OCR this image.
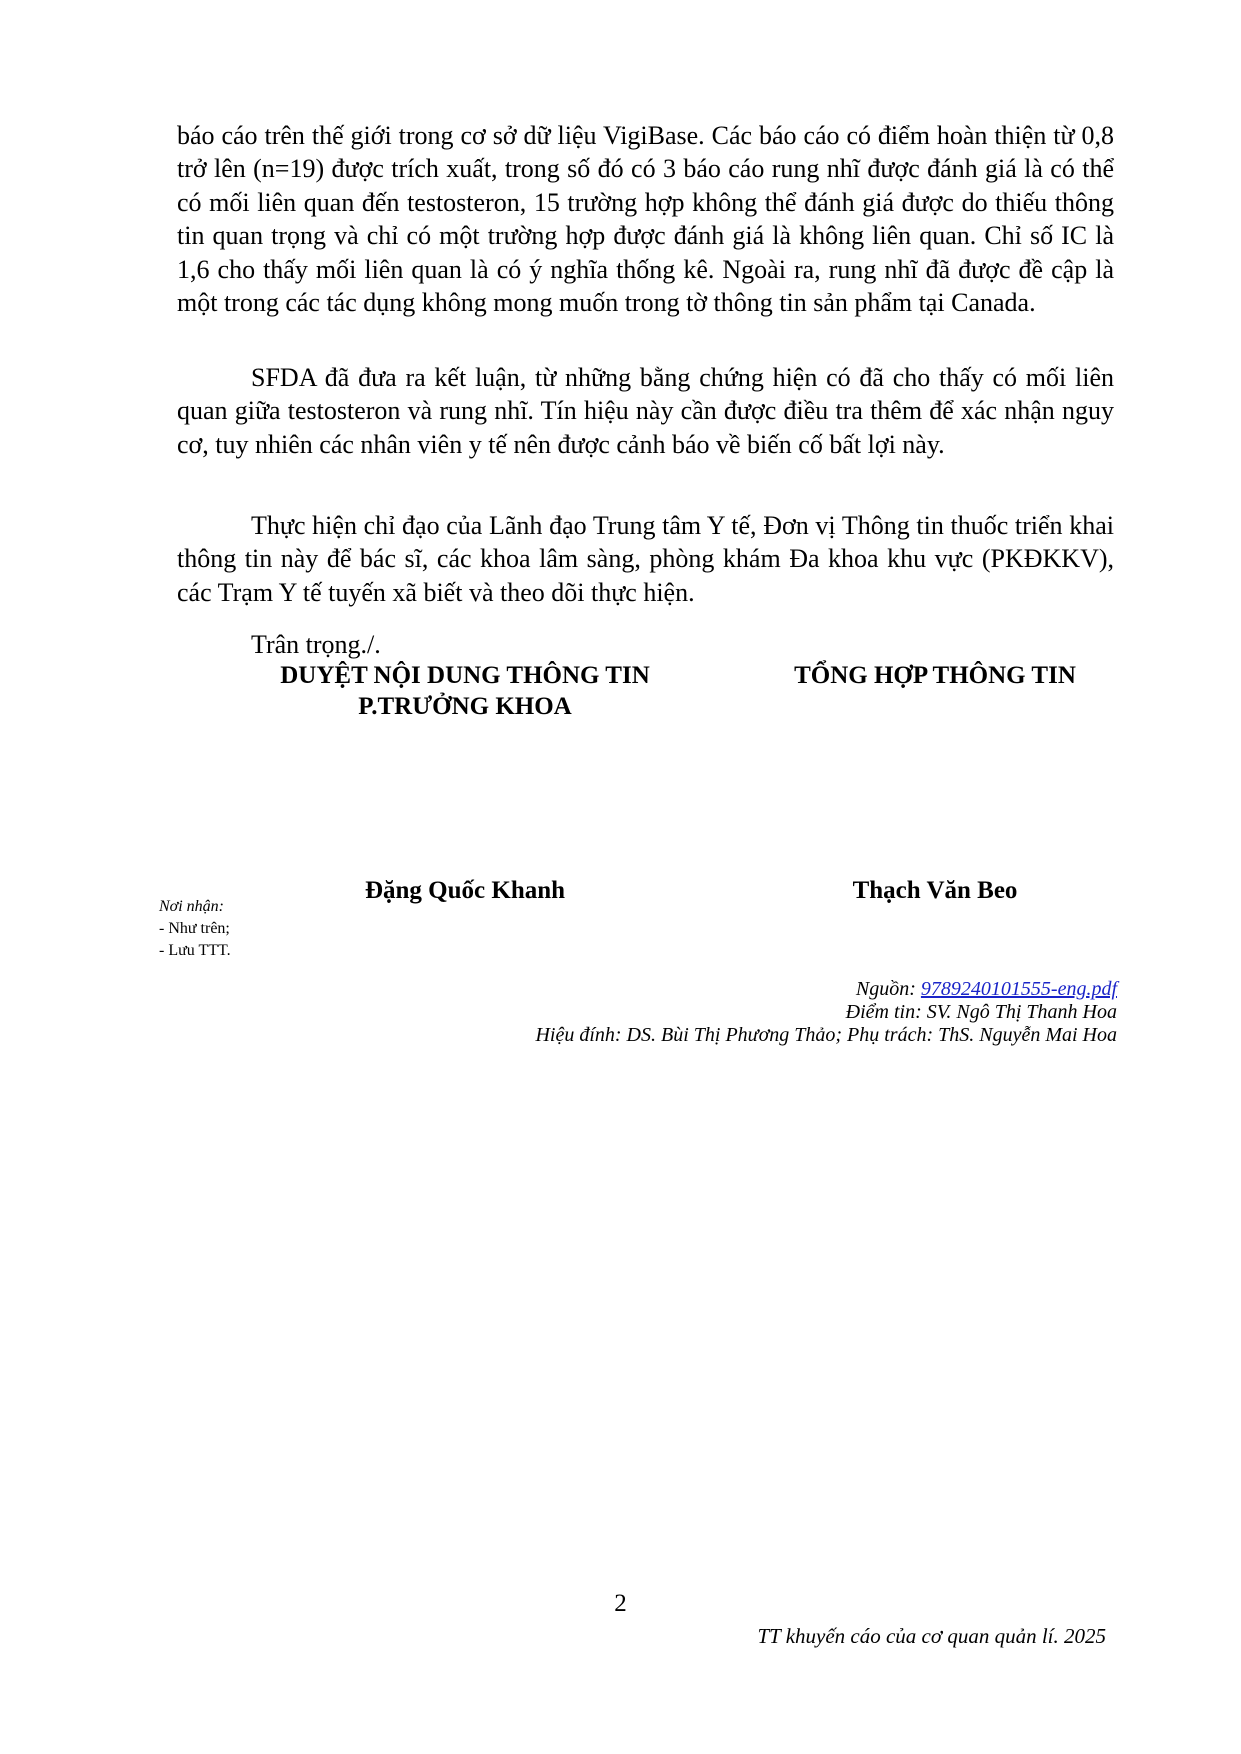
báo cáo trên thế giới trong cơ sở dữ liệu VigiBase. Các báo cáo có điểm hoàn thiện từ 0,8 trở lên (n=19) được trích xuất, trong số đó có 3 báo cáo rung nhĩ được đánh giá là có thể có mối liên quan đến testosteron, 15 trường hợp không thể đánh giá được do thiếu thông tin quan trọng và chỉ có một trường hợp được đánh giá là không liên quan. Chỉ số IC là 1,6 cho thấy mối liên quan là có ý nghĩa thống kê. Ngoài ra, rung nhĩ đã được đề cập là một trong các tác dụng không mong muốn trong tờ thông tin sản phẩm tại Canada.

SFDA đã đưa ra kết luận, từ những bằng chứng hiện có đã cho thấy có mối liên quan giữa testosteron và rung nhĩ. Tín hiệu này cần được điều tra thêm để xác nhận nguy cơ, tuy nhiên các nhân viên y tế nên được cảnh báo về biến cố bất lợi này.

Thực hiện chỉ đạo của Lãnh đạo Trung tâm Y tế, Đơn vị Thông tin thuốc triển khai thông tin này để bác sĩ, các khoa lâm sàng, phòng khám Đa khoa khu vực (PKĐKKV), các Trạm Y tế tuyến xã biết và theo dõi thực hiện.

Trân trọng./.

DUYỆT NỘI DUNG THÔNG TIN
P.TRƯỞNG KHOA
TỔNG HỢP THÔNG TIN
Đặng Quốc Khanh	Thạch Văn Beo
Nơi nhận:
- Như trên;
- Lưu TTT.
Nguồn: 9789240101555-eng.pdf
Điểm tin: SV. Ngô Thị Thanh Hoa
Hiệu đính: DS. Bùi Thị Phương Thảo; Phụ trách: ThS. Nguyễn Mai Hoa
2
TT khuyến cáo của cơ quan quản lí. 2025
